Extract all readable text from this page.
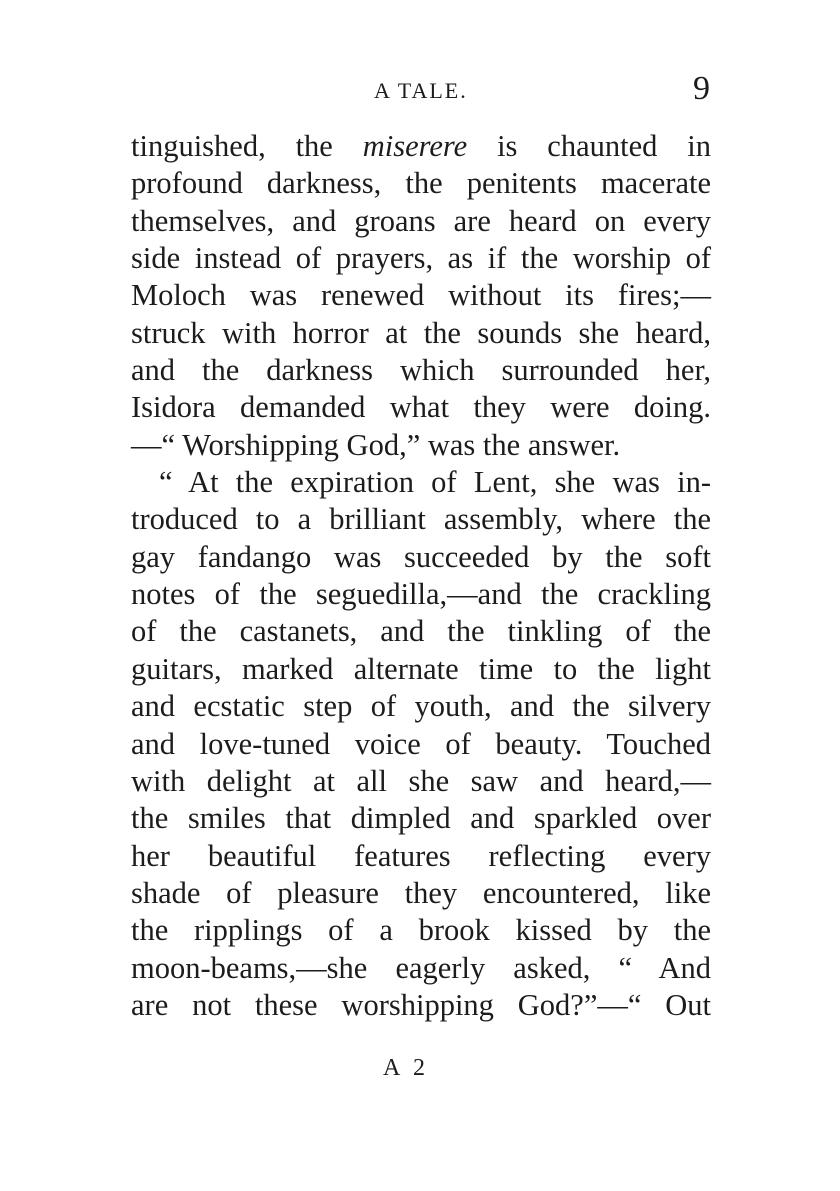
A TALE.	9
tinguished, the miserere is chaunted in
profound darkness, the penitents macerate
themselves, and groans are heard on every
side instead of prayers, as if the worship of
Moloch was renewed without its fires;—
struck with horror at the sounds she heard,
and the darkness which surrounded her,
Isidora demanded what they were doing.
—“ Worshipping God,” was the answer.
“ At the expiration of Lent, she was in-
troduced to a brilliant assembly, where the
gay fandango was succeeded by the soft
notes of the seguedilla,—and the crackling
of the castanets, and the tinkling of the
guitars, marked alternate time to the light
and ecstatic step of youth, and the silvery
and love-tuned voice of beauty. Touched
with delight at all she saw and heard,—
the smiles that dimpled and sparkled over
her beautiful features reflecting every
shade of pleasure they encountered, like
the ripplings of a brook kissed by the
moon-beams,—she eagerly asked, “ And
are not these worshipping God?”—“ Out
A 2
